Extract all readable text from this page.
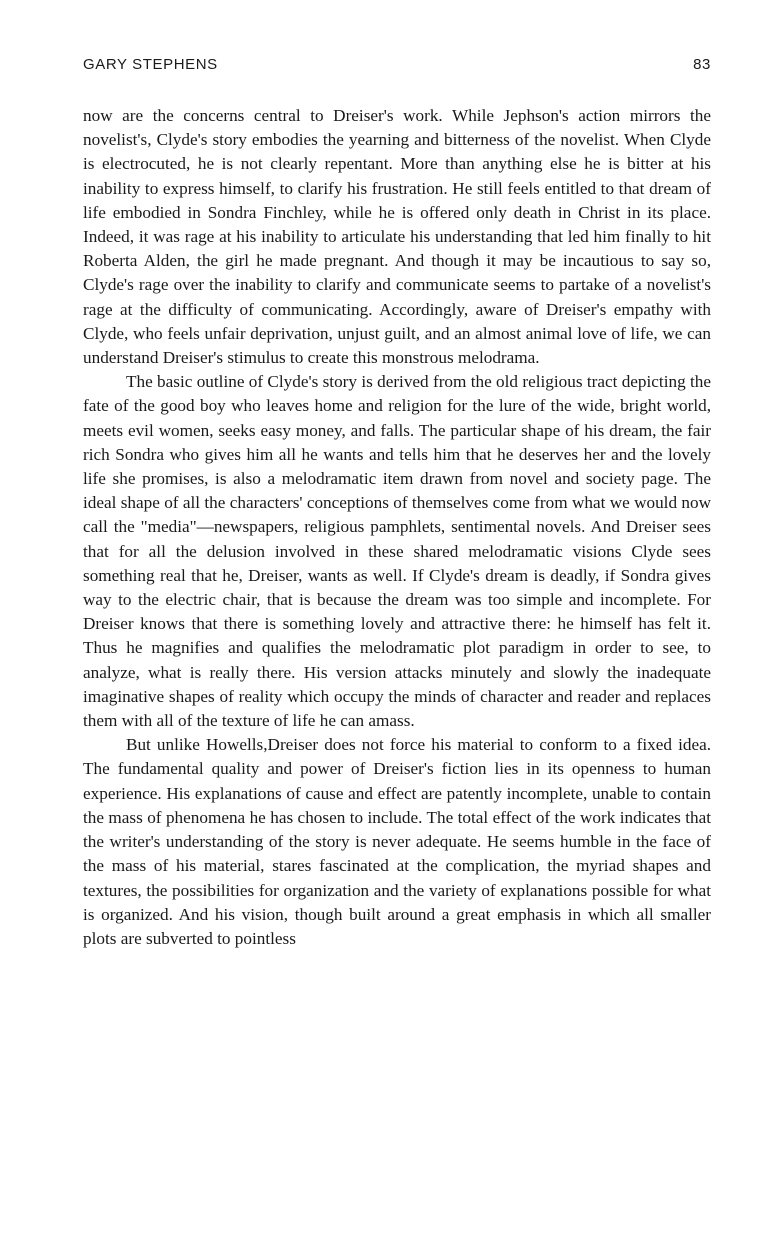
GARY STEPHENS	83

now are the concerns central to Dreiser's work. While Jephson's action mirrors the novelist's, Clyde's story embodies the yearning and bitterness of the novelist. When Clyde is electrocuted, he is not clearly repentant. More than anything else he is bitter at his inability to express himself, to clarify his frustration. He still feels entitled to that dream of life embodied in Sondra Finchley, while he is offered only death in Christ in its place. Indeed, it was rage at his inability to articulate his understanding that led him finally to hit Roberta Alden, the girl he made pregnant. And though it may be incautious to say so, Clyde's rage over the inability to clarify and communicate seems to partake of a novelist's rage at the difficulty of communicating. Accordingly, aware of Dreiser's empathy with Clyde, who feels unfair deprivation, unjust guilt, and an almost animal love of life, we can understand Dreiser's stimulus to create this monstrous melodrama.

The basic outline of Clyde's story is derived from the old religious tract depicting the fate of the good boy who leaves home and religion for the lure of the wide, bright world, meets evil women, seeks easy money, and falls. The particular shape of his dream, the fair rich Sondra who gives him all he wants and tells him that he deserves her and the lovely life she promises, is also a melodramatic item drawn from novel and society page. The ideal shape of all the characters' conceptions of themselves come from what we would now call the "media"—newspapers, religious pamphlets, sentimental novels. And Dreiser sees that for all the delusion involved in these shared melodramatic visions Clyde sees something real that he, Dreiser, wants as well. If Clyde's dream is deadly, if Sondra gives way to the electric chair, that is because the dream was too simple and incomplete. For Dreiser knows that there is something lovely and attractive there: he himself has felt it. Thus he magnifies and qualifies the melodramatic plot paradigm in order to see, to analyze, what is really there. His version attacks minutely and slowly the inadequate imaginative shapes of reality which occupy the minds of character and reader and replaces them with all of the texture of life he can amass.

But unlike Howells,Dreiser does not force his material to conform to a fixed idea. The fundamental quality and power of Dreiser's fiction lies in its openness to human experience. His explanations of cause and effect are patently incomplete, unable to contain the mass of phenomena he has chosen to include. The total effect of the work indicates that the writer's understanding of the story is never adequate. He seems humble in the face of the mass of his material, stares fascinated at the complication, the myriad shapes and textures, the possibilities for organization and the variety of explanations possible for what is organized. And his vision, though built around a great emphasis in which all smaller plots are subverted to pointless
